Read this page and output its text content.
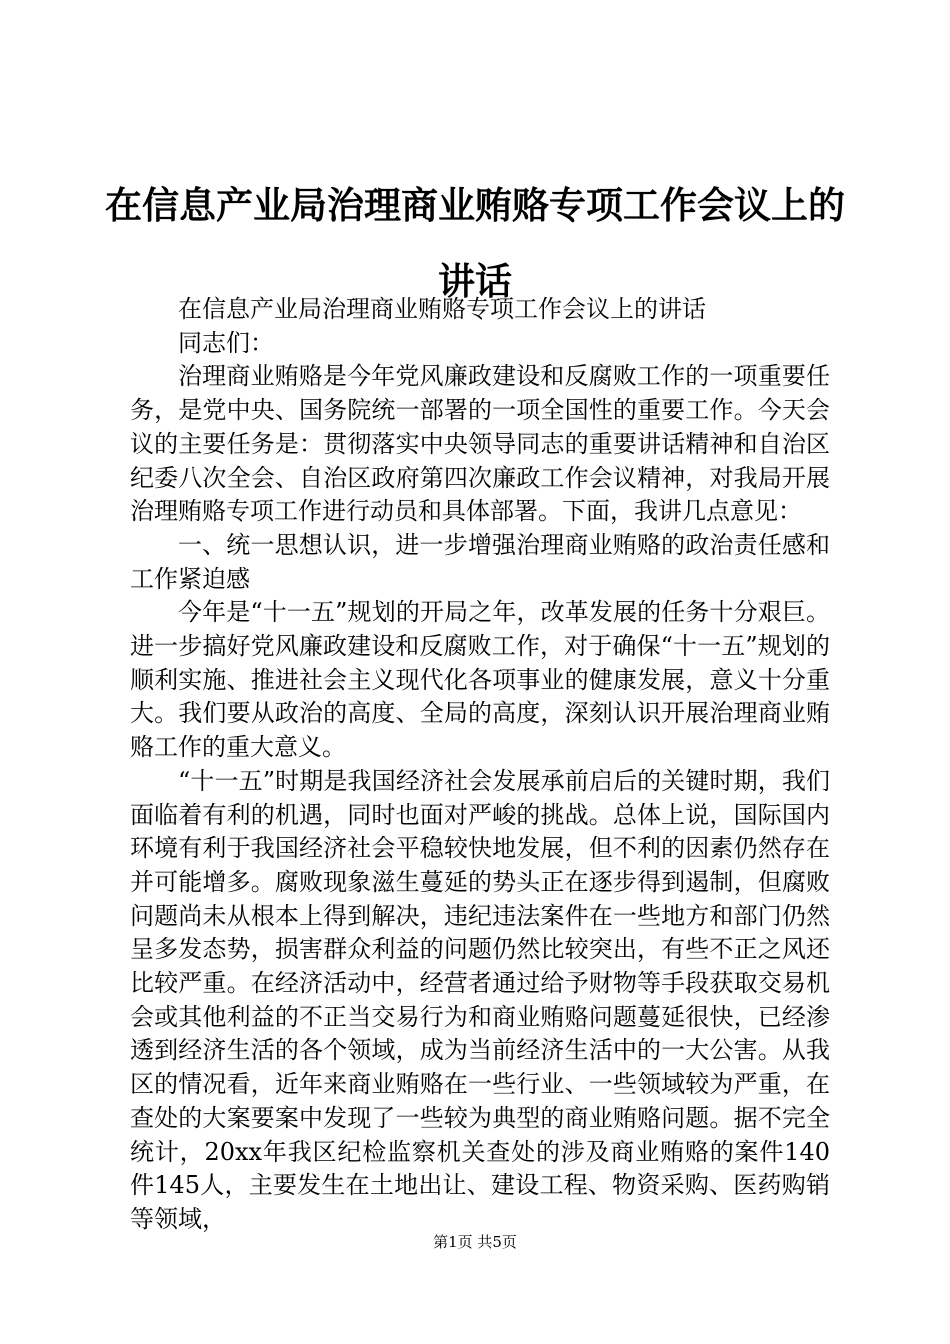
在信息产业局治理商业贿赂专项工作会议上的讲话

在信息产业局治理商业贿赂专项工作会议上的讲话

同志们：

治理商业贿赂是今年党风廉政建设和反腐败工作的一项重要任务，是党中央、国务院统一部署的一项全国性的重要工作。今天会议的主要任务是：贯彻落实中央领导同志的重要讲话精神和自治区纪委八次全会、自治区政府第四次廉政工作会议精神，对我局开展治理贿赂专项工作进行动员和具体部署。下面，我讲几点意见：

一、统一思想认识，进一步增强治理商业贿赂的政治责任感和工作紧迫感

今年是“十一五”规划的开局之年，改革发展的任务十分艰巨。进一步搞好党风廉政建设和反腐败工作，对于确保“十一五”规划的顺利实施、推进社会主义现代化各项事业的健康发展，意义十分重大。我们要从政治的高度、全局的高度，深刻认识开展治理商业贿赂工作的重大意义。

“十一五”时期是我国经济社会发展承前启后的关键时期，我们面临着有利的机遇，同时也面对严峻的挑战。总体上说，国际国内环境有利于我国经济社会平稳较快地发展，但不利的因素仍然存在并可能增多。腐败现象滋生蔓延的势头正在逐步得到遏制，但腐败问题尚未从根本上得到解决，违纪违法案件在一些地方和部门仍然呈多发态势，损害群众利益的问题仍然比较突出，有些不正之风还比较严重。在经济活动中，经营者通过给予财物等手段获取交易机会或其他利益的不正当交易行为和商业贿赂问题蔓延很快，已经渗透到经济生活的各个领域，成为当前经济生活中的一大公害。从我区的情况看，近年来商业贿赂在一些行业、一些领域较为严重，在查处的大案要案中发现了一些较为典型的商业贿赂问题。据不完全统计，20xx年我区纪检监察机关查处的涉及商业贿赂的案件140件145人，主要发生在土地出让、建设工程、物资采购、医药购销等领域，

第1页 共5页
